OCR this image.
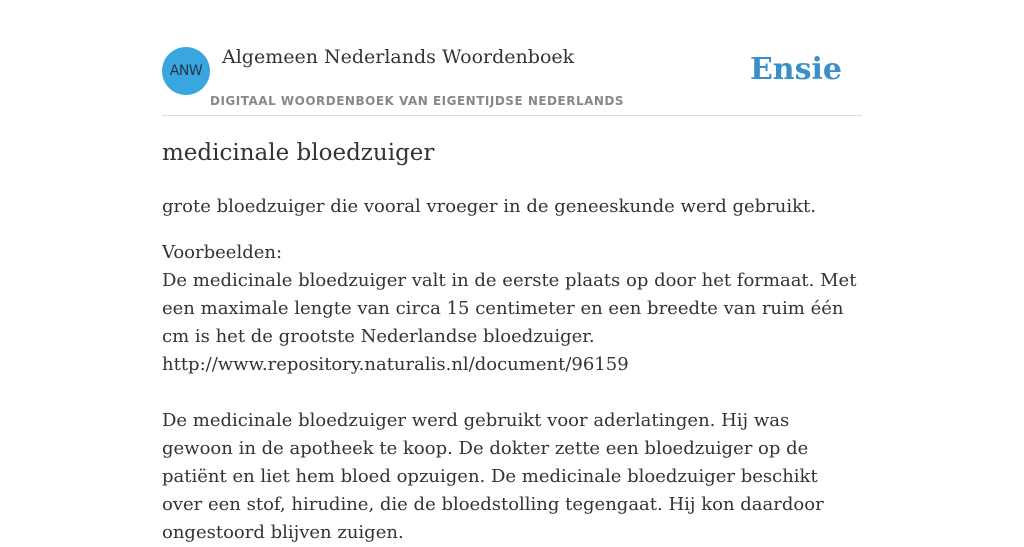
ANW
Algemeen Nederlands Woordenboek
DIGITAAL WOORDENBOEK VAN EIGENTIJDSE NEDERLANDS
Ensie
medicinale bloedzuiger
grote bloedzuiger die vooral vroeger in de geneeskunde werd gebruikt.

Voorbeelden:

De medicinale bloedzuiger valt in de eerste plaats op door het formaat. Met een maximale lengte van circa 15 centimeter en een breedte van ruim één cm is het de grootste Nederlandse bloedzuiger.

http://www.repository.naturalis.nl/document/96159

De medicinale bloedzuiger werd gebruikt voor aderlatingen. Hij was gewoon in de apotheek te koop. De dokter zette een bloedzuiger op de patiënt en liet hem bloed opzuigen. De medicinale bloedzuiger beschikt over een stof, hirudine, die de bloedstolling tegengaat. Hij kon daardoor ongestoord blijven zuigen.
